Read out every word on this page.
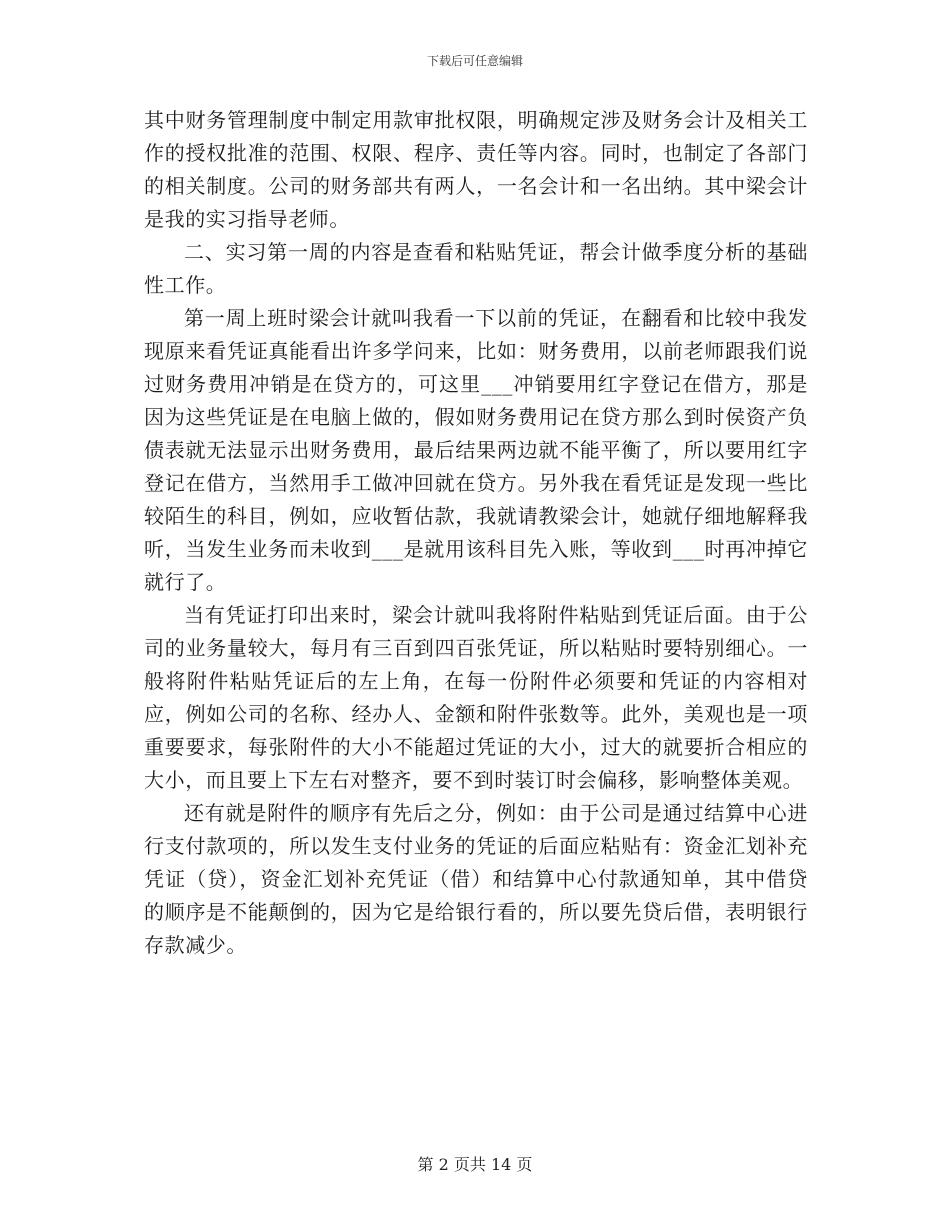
下载后可任意编辑

其中财务管理制度中制定用款审批权限，明确规定涉及财务会计及相关工作的授权批准的范围、权限、程序、责任等内容。同时，也制定了各部门的相关制度。公司的财务部共有两人，一名会计和一名出纳。其中梁会计是我的实习指导老师。

二、实习第一周的内容是查看和粘贴凭证，帮会计做季度分析的基础性工作。

第一周上班时梁会计就叫我看一下以前的凭证，在翻看和比较中我发现原来看凭证真能看出许多学问来，比如：财务费用，以前老师跟我们说过财务费用冲销是在贷方的，可这里___冲销要用红字登记在借方，那是因为这些凭证是在电脑上做的，假如财务费用记在贷方那么到时侯资产负债表就无法显示出财务费用，最后结果两边就不能平衡了，所以要用红字登记在借方，当然用手工做冲回就在贷方。另外我在看凭证是发现一些比较陌生的科目，例如，应收暂估款，我就请教梁会计，她就仔细地解释我听，当发生业务而未收到___是就用该科目先入账，等收到___时再冲掉它就行了。

当有凭证打印出来时，梁会计就叫我将附件粘贴到凭证后面。由于公司的业务量较大，每月有三百到四百张凭证，所以粘贴时要特别细心。一般将附件粘贴凭证后的左上角，在每一份附件必须要和凭证的内容相对应，例如公司的名称、经办人、金额和附件张数等。此外，美观也是一项重要要求，每张附件的大小不能超过凭证的大小，过大的就要折合相应的大小，而且要上下左右对整齐，要不到时装订时会偏移，影响整体美观。

还有就是附件的顺序有先后之分，例如：由于公司是通过结算中心进行支付款项的，所以发生支付业务的凭证的后面应粘贴有：资金汇划补充凭证（贷），资金汇划补充凭证（借）和结算中心付款通知单，其中借贷的顺序是不能颠倒的，因为它是给银行看的，所以要先贷后借，表明银行存款减少。

第 2 页共 14 页
